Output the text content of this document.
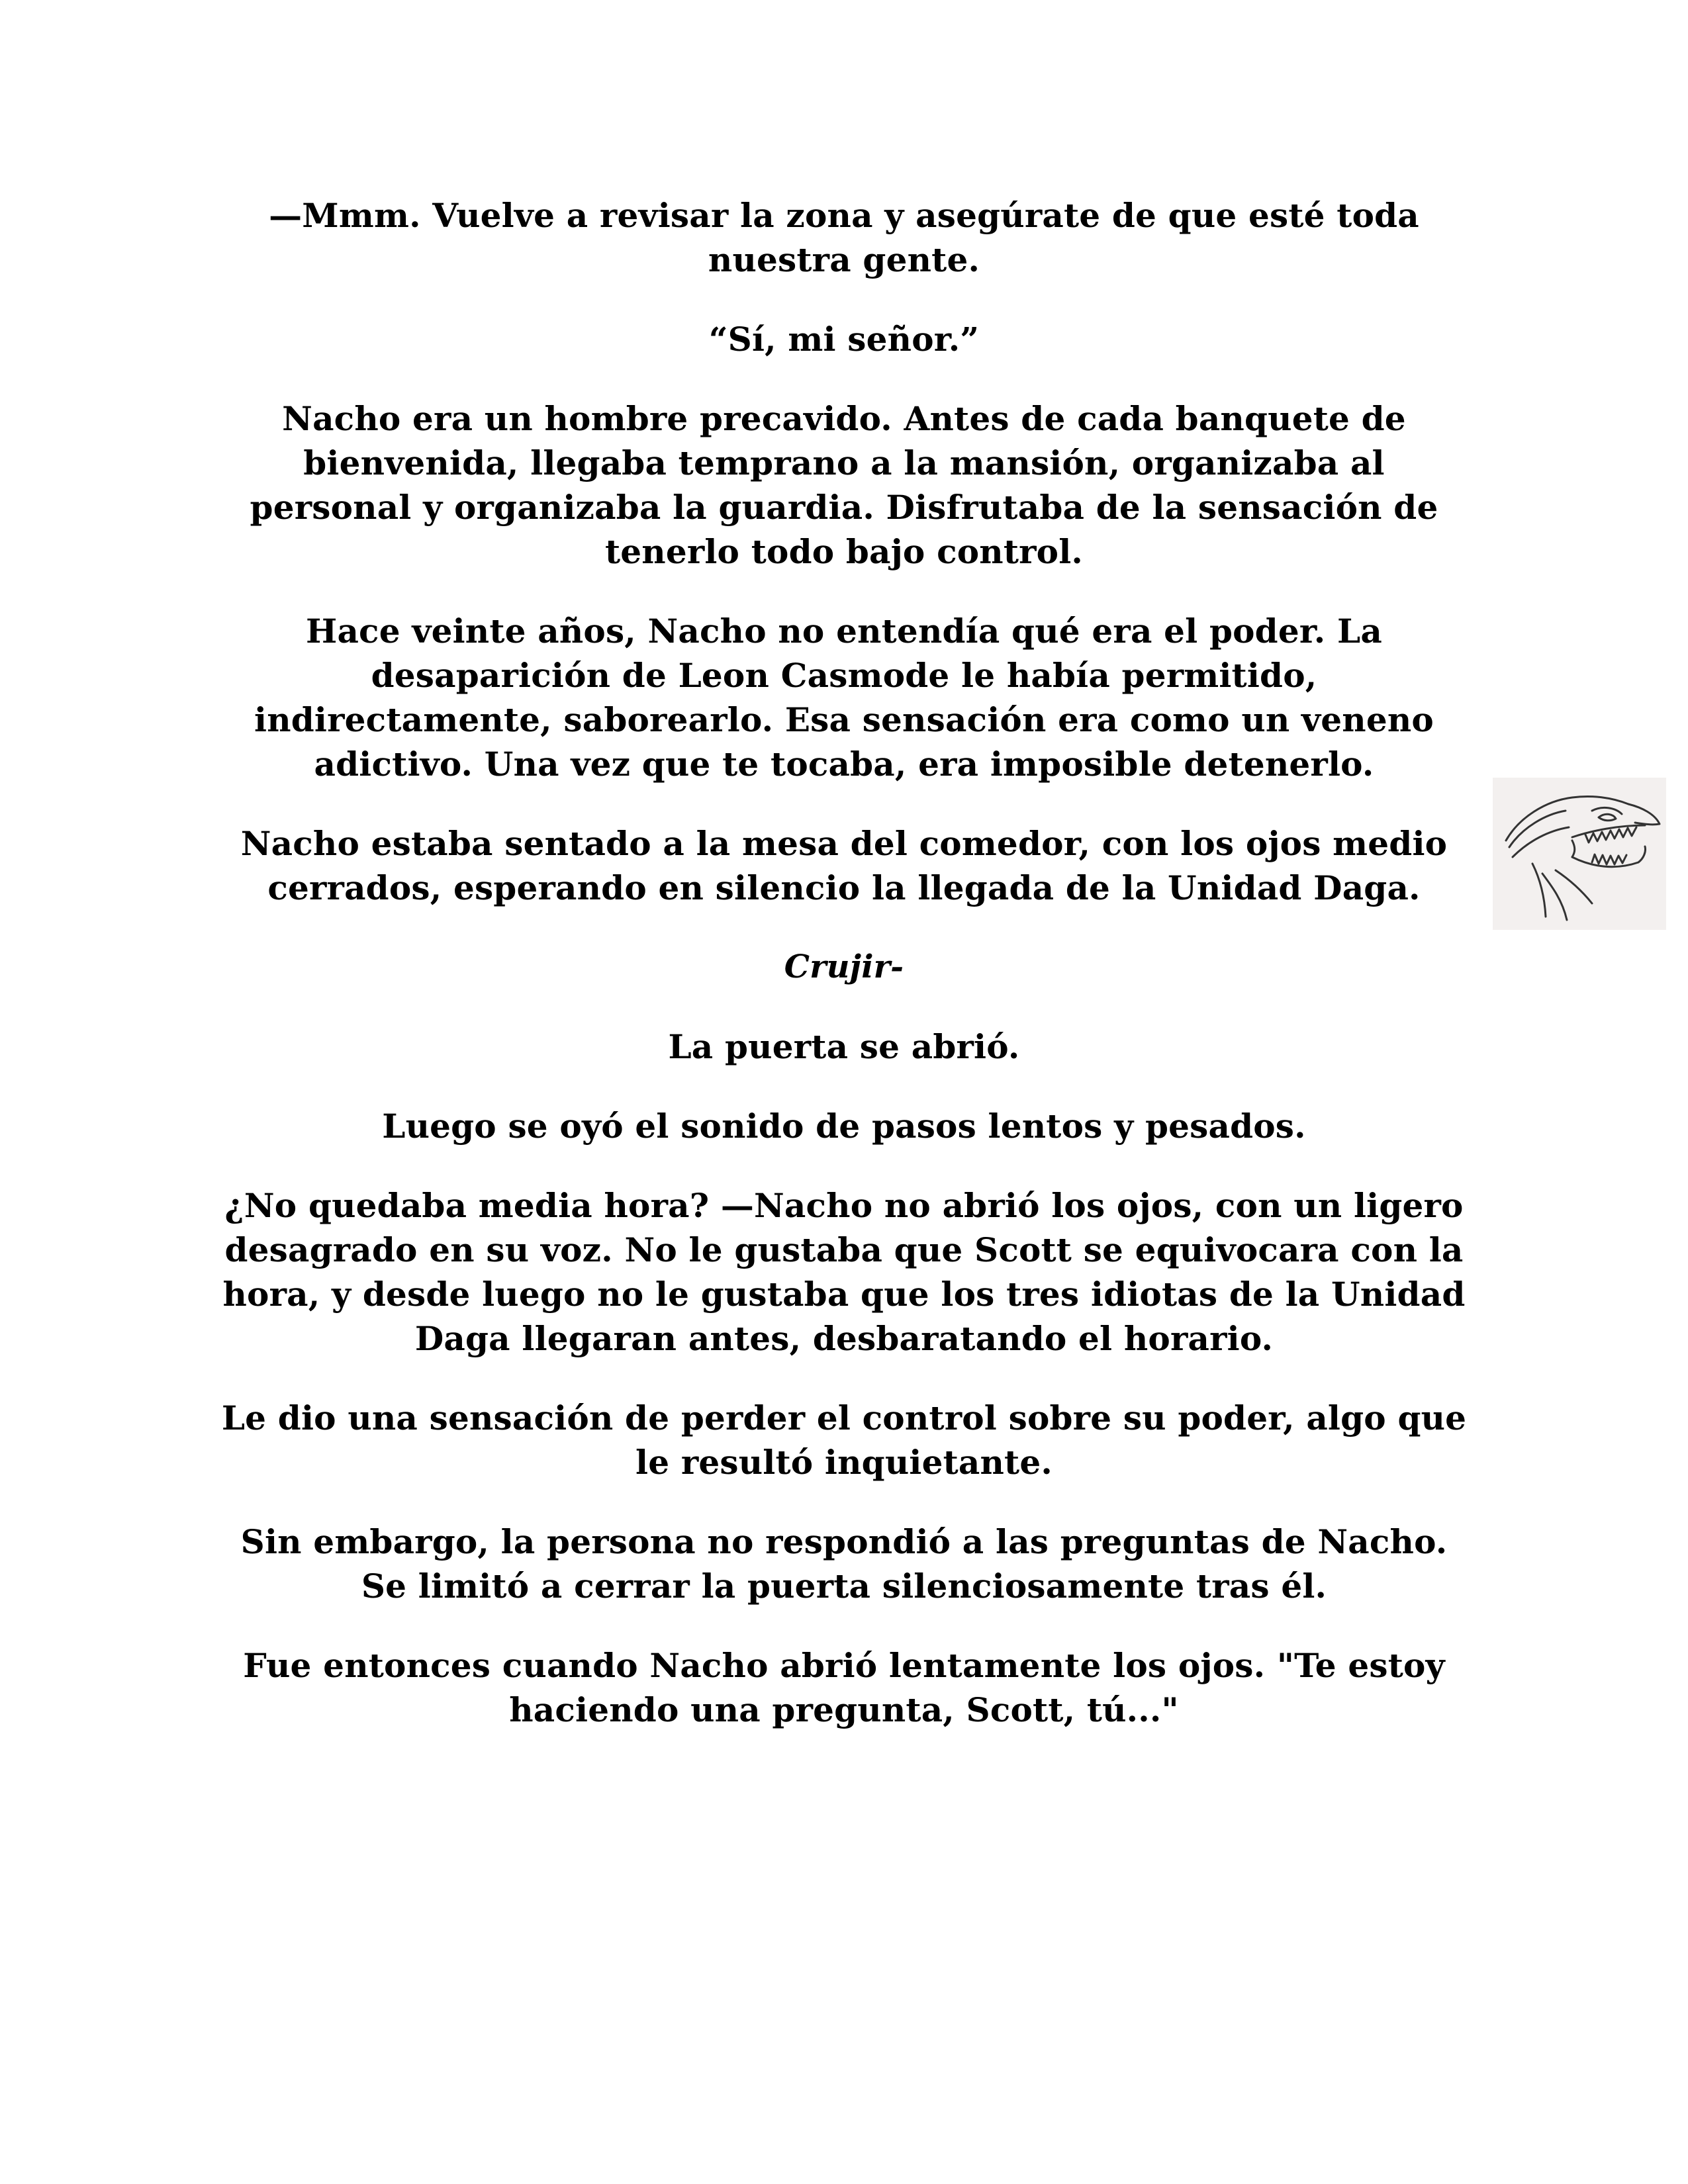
—Mmm. Vuelve a revisar la zona y asegúrate de que esté toda nuestra gente.

“Sí, mi señor.”

Nacho era un hombre precavido. Antes de cada banquete de bienvenida, llegaba temprano a la mansión, organizaba al personal y organizaba la guardia. Disfrutaba de la sensación de tenerlo todo bajo control.

Hace veinte años, Nacho no entendía qué era el poder. La desaparición de Leon Casmode le había permitido, indirectamente, saborearlo. Esa sensación era como un veneno adictivo. Una vez que te tocaba, era imposible detenerlo.

Nacho estaba sentado a la mesa del comedor, con los ojos medio cerrados, esperando en silencio la llegada de la Unidad Daga.

Crujir-

La puerta se abrió.

Luego se oyó el sonido de pasos lentos y pesados.

¿No quedaba media hora? —Nacho no abrió los ojos, con un ligero desagrado en su voz. No le gustaba que Scott se equivocara con la hora, y desde luego no le gustaba que los tres idiotas de la Unidad Daga llegaran antes, desbaratando el horario.

Le dio una sensación de perder el control sobre su poder, algo que le resultó inquietante.

Sin embargo, la persona no respondió a las preguntas de Nacho. Se limitó a cerrar la puerta silenciosamente tras él.

Fue entonces cuando Nacho abrió lentamente los ojos. "Te estoy haciendo una pregunta, Scott, tú..."
